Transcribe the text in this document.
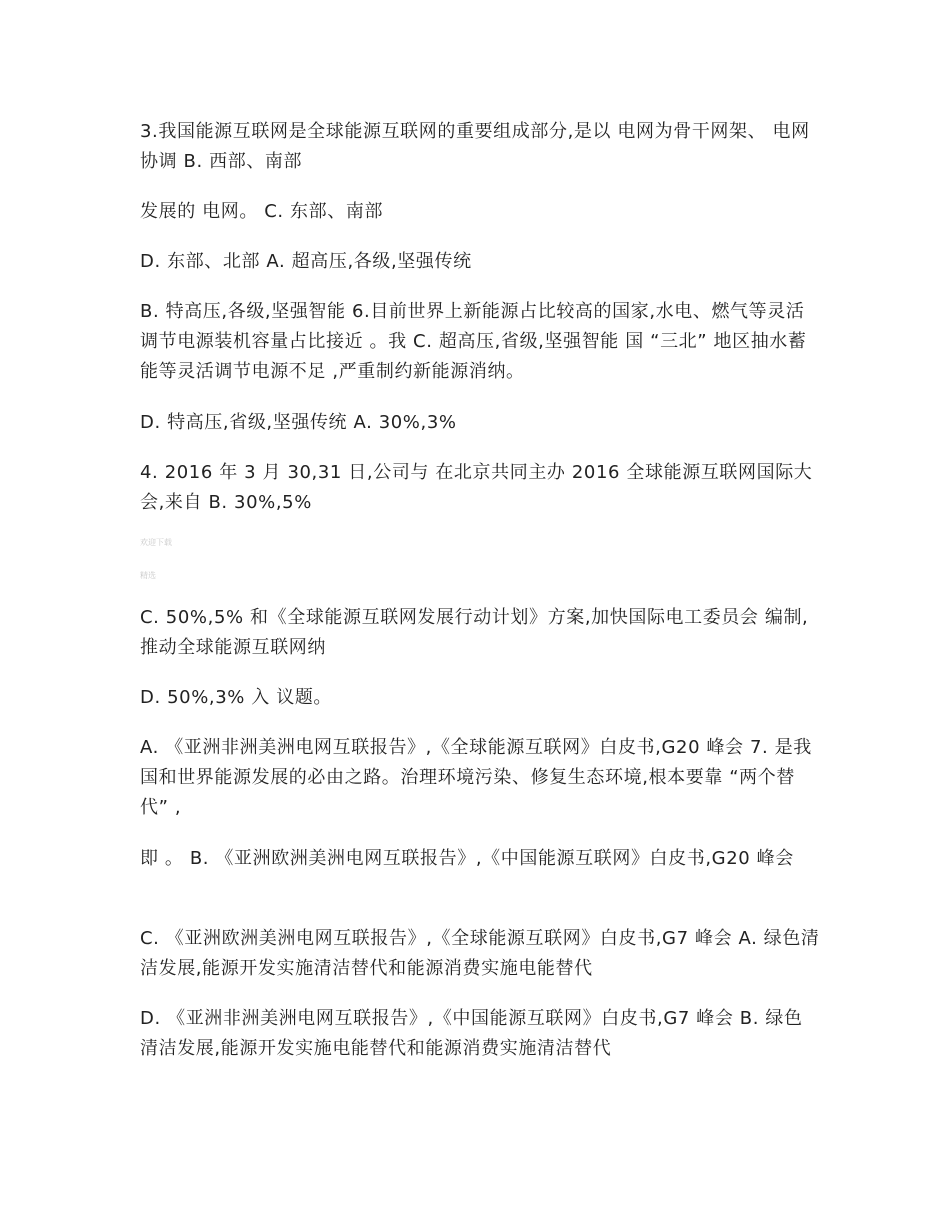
3.我国能源互联网是全球能源互联网的重要组成部分,是以 电网为骨干网架、 电网协调 B. 西部、南部

发展的 电网。 C. 东部、南部

D. 东部、北部 A. 超高压,各级,坚强传统

B. 特高压,各级,坚强智能 6.目前世界上新能源占比较高的国家,水电、燃气等灵活调节电源装机容量占比接近 。我 C. 超高压,省级,坚强智能 国 “三北” 地区抽水蓄能等灵活调节电源不足 ,严重制约新能源消纳。

D. 特高压,省级,坚强传统 A. 30%,3%

4. 2016 年 3 月 30,31 日,公司与 在北京共同主办 2016 全球能源互联网国际大会,来自 B. 30%,5%

欢迎下载

精选

C. 50%,5% 和《全球能源互联网发展行动计划》方案,加快国际电工委员会 编制,推动全球能源互联网纳

D. 50%,3% 入 议题。

A. 《亚洲非洲美洲电网互联报告》,《全球能源互联网》白皮书,G20 峰会 7. 是我国和世界能源发展的必由之路。治理环境污染、修复生态环境,根本要靠 “两个替代” ,

即 。 B. 《亚洲欧洲美洲电网互联报告》,《中国能源互联网》白皮书,G20 峰会

C. 《亚洲欧洲美洲电网互联报告》,《全球能源互联网》白皮书,G7 峰会 A. 绿色清洁发展,能源开发实施清洁替代和能源消费实施电能替代

D. 《亚洲非洲美洲电网互联报告》,《中国能源互联网》白皮书,G7 峰会 B. 绿色清洁发展,能源开发实施电能替代和能源消费实施清洁替代
